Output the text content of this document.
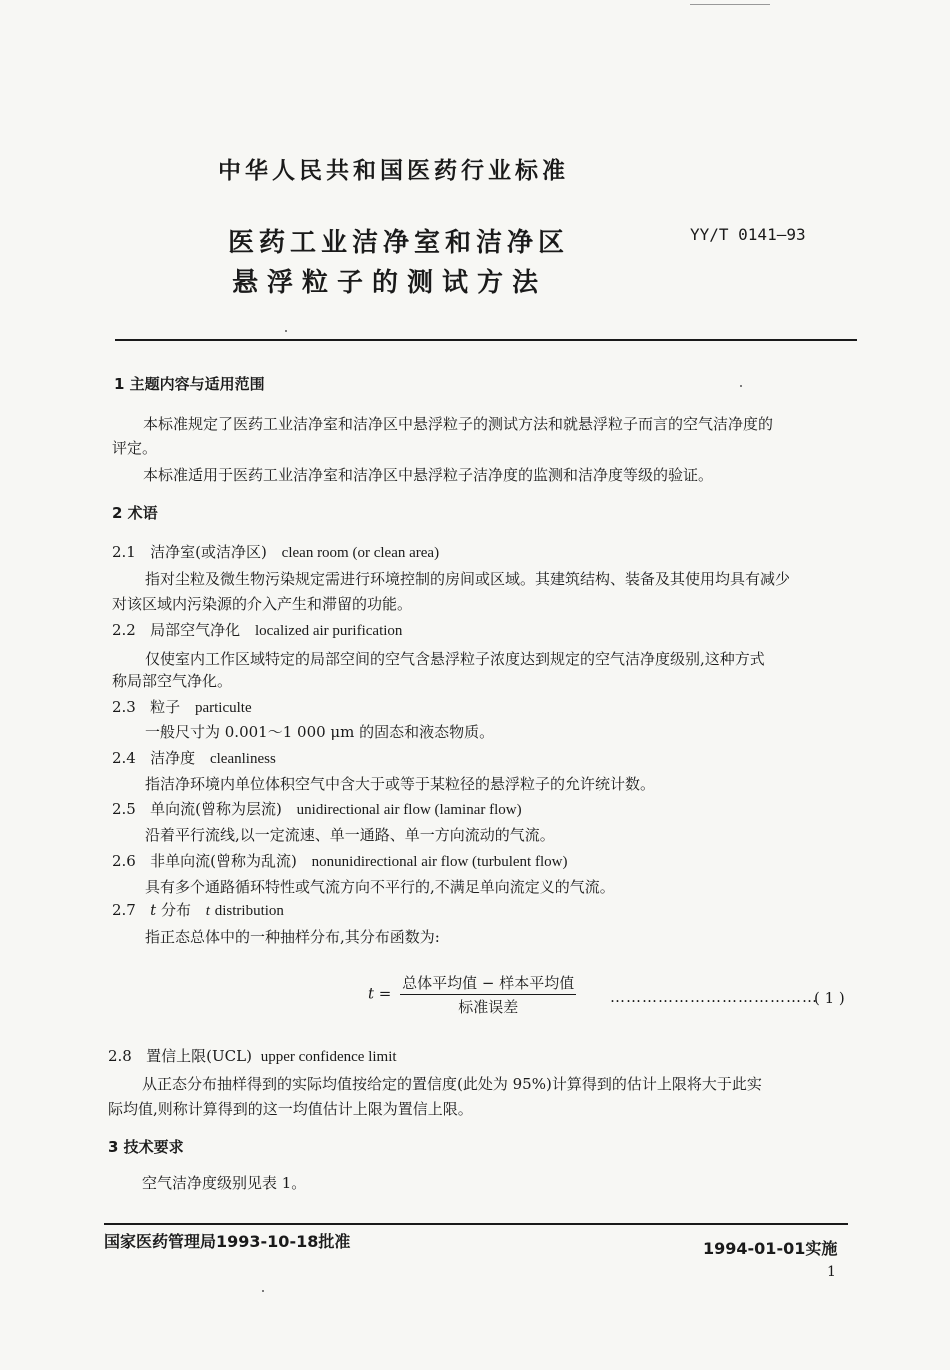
中华人民共和国医药行业标准
医药工业洁净室和洁净区
悬浮粒子的测试方法
YY/T 0141—93
1 主题内容与适用范围
本标准规定了医药工业洁净室和洁净区中悬浮粒子的测试方法和就悬浮粒子而言的空气洁净度的
评定。
本标准适用于医药工业洁净室和洁净区中悬浮粒子洁净度的监测和洁净度等级的验证。
2 术语
2.1 洁净室(或洁净区) clean room (or clean area)
指对尘粒及微生物污染规定需进行环境控制的房间或区域。其建筑结构、装备及其使用均具有减少
对该区域内污染源的介入产生和滞留的功能。
2.2 局部空气净化 localized air purification
仅使室内工作区域特定的局部空间的空气含悬浮粒子浓度达到规定的空气洁净度级别,这种方式
称局部空气净化。
2.3 粒子 particulte
一般尺寸为 0.001～1 000 μm 的固态和液态物质。
2.4 洁净度 cleanliness
指洁净环境内单位体积空气中含大于或等于某粒径的悬浮粒子的允许统计数。
2.5 单向流(曾称为层流) unidirectional air flow (laminar flow)
沿着平行流线,以一定流速、单一通路、单一方向流动的气流。
2.6 非单向流(曾称为乱流) nonunidirectional air flow (turbulent flow)
具有多个通路循环特性或气流方向不平行的,不满足单向流定义的气流。
2.7 t 分布 t distribution
指正态总体中的一种抽样分布,其分布函数为:
$t = \frac{\text{总体平均值 − 样本平均值}}{\text{标准误差}}$ …………………………………
( 1 )
2.8 置信上限(UCL) upper confidence limit
从正态分布抽样得到的实际均值按给定的置信度(此处为 95%)计算得到的估计上限将大于此实
际均值,则称计算得到的这一均值估计上限为置信上限。
3 技术要求
空气洁净度级别见表 1。
国家医药管理局1993-10-18批准	1994-01-01实施
1
